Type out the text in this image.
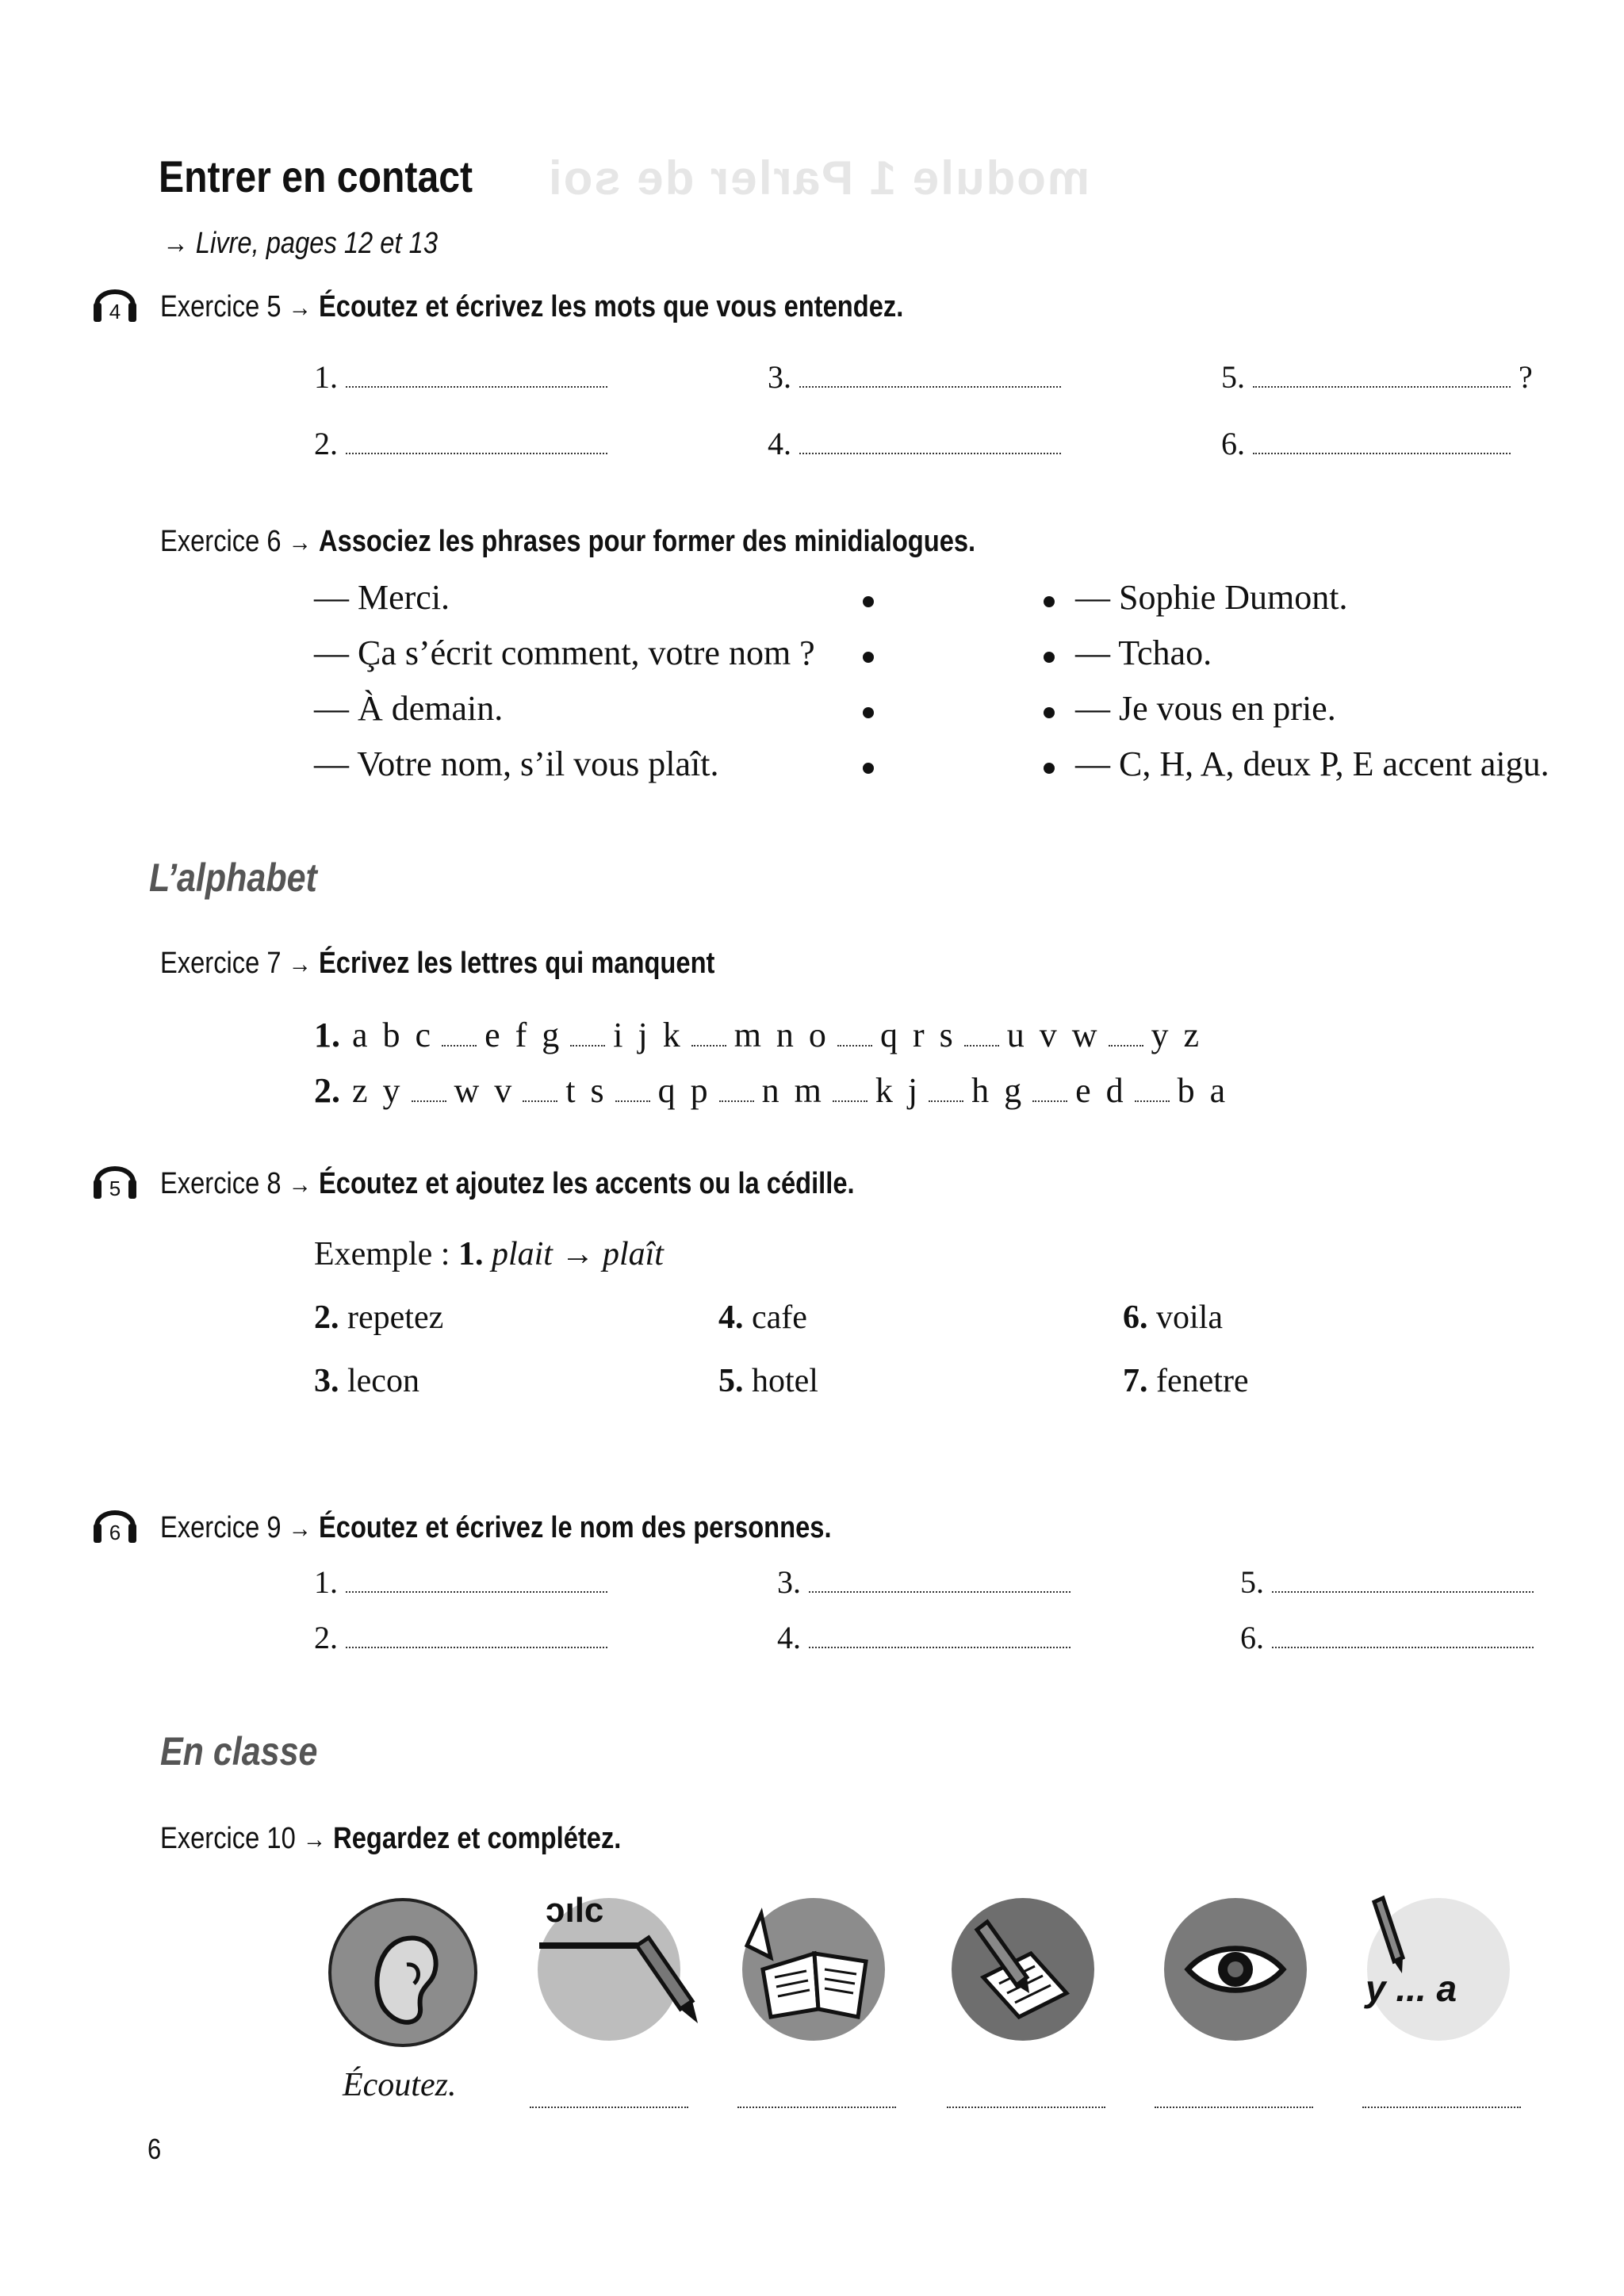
module 1 Parler de soi
Entrer en contact
→ Livre, pages 12 et 13
4 Exercice 5 → Écoutez et écrivez les mots que vous entendez.
1.
2.
3.
4.
5.	?
6.
Exercice 6 → Associez les phrases pour former des minidialogues.
— Merci.
— Ça s’écrit comment, votre nom ?
— À demain.
— Votre nom, s’il vous plaît.
— Sophie Dumont.
— Tchao.
— Je vous en prie.
— C, H, A, deux P, E accent aigu.
L’alphabet
Exercice 7 → Écrivez les lettres qui manquent
1. a b c e f g i j k m n o q r s u v w y z
2. z y w v t s q p n m k j h g e d b a
5 Exercice 8 → Écoutez et ajoutez les accents ou la cédille.
Exemple : 1. plait → plaît
2. repetez
3. lecon
4. cafe
5. hotel
6. voila
7. fenetre
6 Exercice 9 → Écoutez et écrivez le nom des personnes.
1.
2.
3.
4.
5.
6.
En classe
Exercice 10 → Regardez et complétez.
ɔılc
y ... a
Écoutez.
6
